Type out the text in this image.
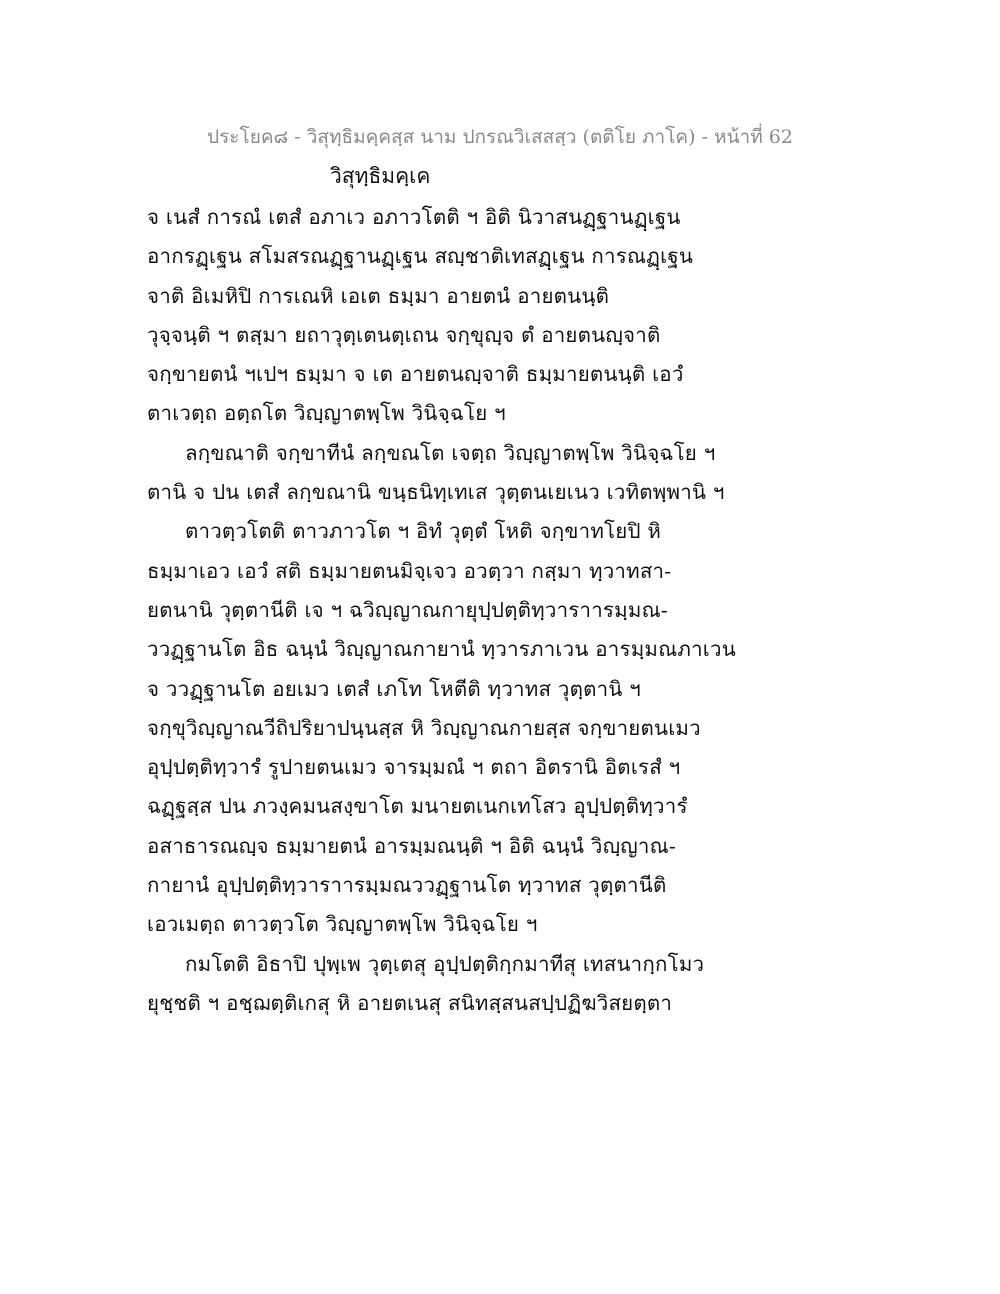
ประโยค๘ - วิสุทฺธิมคฺคสฺส นาม ปกรณวิเสสสฺว (ตติโย ภาโค) - หน้าที่ 62
วิสุทฺธิมคฺเค
จ เนสํ การณํ เตสํ อภาเว อภาวโตติ ฯ อิติ นิวาสนฏฺฐานฏฺเฐน
อากรฏฺเฐน สโมสรณฏฺฐานฏฺเฐน สญฺชาติเทสฏฺเฐน การณฏฺเฐน
จาติ อิเมหิปิ การเณหิ เอเต ธมฺมา อายตนํ อายตนนฺติ
วุจฺจนฺติ ฯ ตสฺมา ยถาวุตฺเตนตฺเถน จกฺขุญฺจ ตํ อายตนญฺจาติ
จกฺขายตนํ ฯเปฯ ธมฺมา จ เต อายตนญฺจาติ ธมฺมายตนนฺติ เอวํ
ตาเวตฺถ อตฺถโต วิญฺญาตพฺโพ วินิจฺฉโย ฯ
ลกฺขณาติ จกฺขาทีนํ ลกฺขณโต เจตฺถ วิญฺญาตพฺโพ วินิจฺฉโย ฯ
ตานิ จ ปน เตสํ ลกฺขณานิ ขนฺธนิทฺเทเส วุตฺตนเยเนว เวทิตพฺพานิ ฯ
ตาวตฺวโตติ ตาวภาวโต ฯ อิทํ วุตฺตํ โหติ จกฺขาทโยปิ หิ
ธมฺมาเอว เอวํ สติ ธมฺมายตนมิจฺเจว อวตฺวา กสฺมา ทฺวาทสา-
ยตนานิ วุตฺตานีติ เจ ฯ ฉวิญฺญาณกายุปฺปตฺติทฺวาราารมฺมณ-
ววฏฺฐานโต อิธ ฉนฺนํ วิญฺญาณกายานํ ทฺวารภาเวน อารมฺมณภาเวน
จ ววฏฺฐานโต อยเมว เตสํ เภโท โหตีติ ทฺวาทส วุตฺตานิ ฯ
จกฺขุวิญฺญาณวีถิปริยาปนฺนสฺส หิ วิญฺญาณกายสฺส จกฺขายตนเมว
อุปฺปตฺติทฺวารํ รูปายตนเมว จารมฺมณํ ฯ ตถา อิตรานิ อิตเรสํ ฯ
ฉฏฺฐสฺส ปน ภวงฺคมนสงฺขาโต มนายตเนกเทโสว อุปฺปตฺติทฺวารํ
อสาธารณญฺจ ธมฺมายตนํ อารมฺมณนฺติ ฯ อิติ ฉนฺนํ วิญฺญาณ-
กายานํ อุปฺปตฺติทฺวาราารมฺมณววฏฺฐานโต ทฺวาทส วุตฺตานีติ
เอวเมตฺถ ตาวตฺวโต วิญฺญาตพฺโพ วินิจฺฉโย ฯ
กมโตติ อิธาปิ ปุพฺเพ วุตฺเตสุ อุปฺปตฺติกฺกมาทีสุ เทสนากฺกโมว
ยุชฺชติ ฯ อชฺฌตฺติเกสุ หิ อายตเนสุ สนิทสฺสนสปฺปฏิฆวิสยตฺตา
